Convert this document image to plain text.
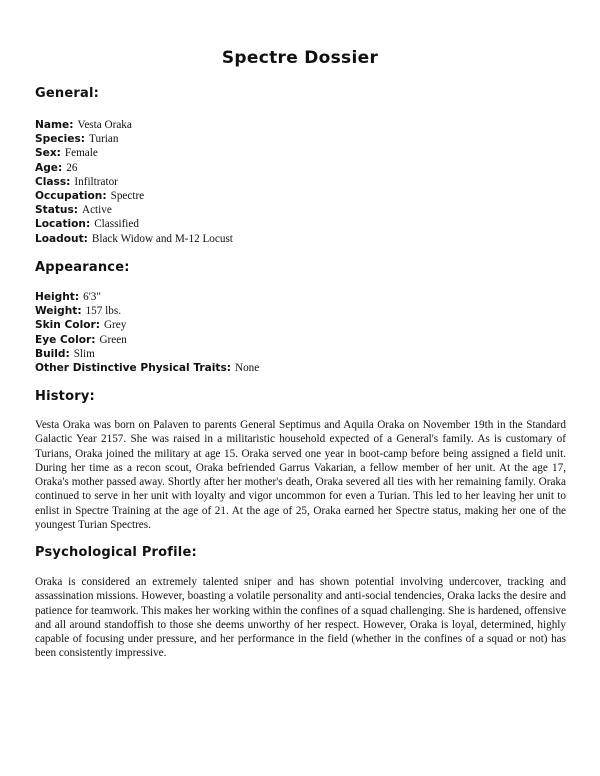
Spectre Dossier
General:
Name: Vesta Oraka
Species: Turian
Sex: Female
Age: 26
Class: Infiltrator
Occupation: Spectre
Status: Active
Location: Classified
Loadout: Black Widow and M-12 Locust
Appearance:
Height: 6'3"
Weight: 157 lbs.
Skin Color: Grey
Eye Color: Green
Build: Slim
Other Distinctive Physical Traits: None
History:

Vesta Oraka was born on Palaven to parents General Septimus and Aquila Oraka on November 19th in the Standard Galactic Year 2157. She was raised in a militaristic household expected of a General's family. As is customary of Turians, Oraka joined the military at age 15. Oraka served one year in boot-camp before being assigned a field unit. During her time as a recon scout, Oraka befriended Garrus Vakarian, a fellow member of her unit. At the age 17, Oraka's mother passed away. Shortly after her mother's death, Oraka severed all ties with her remaining family. Oraka continued to serve in her unit with loyalty and vigor uncommon for even a Turian. This led to her leaving her unit to enlist in Spectre Training at the age of 21. At the age of 25, Oraka earned her Spectre status, making her one of the youngest Turian Spectres.

Psychological Profile:

Oraka is considered an extremely talented sniper and has shown potential involving undercover, tracking and assassination missions. However, boasting a volatile personality and anti-social tendencies, Oraka lacks the desire and patience for teamwork. This makes her working within the confines of a squad challenging. She is hardened, offensive and all around standoffish to those she deems unworthy of her respect. However, Oraka is loyal, determined, highly capable of focusing under pressure, and her performance in the field (whether in the confines of a squad or not) has been consistently impressive.
